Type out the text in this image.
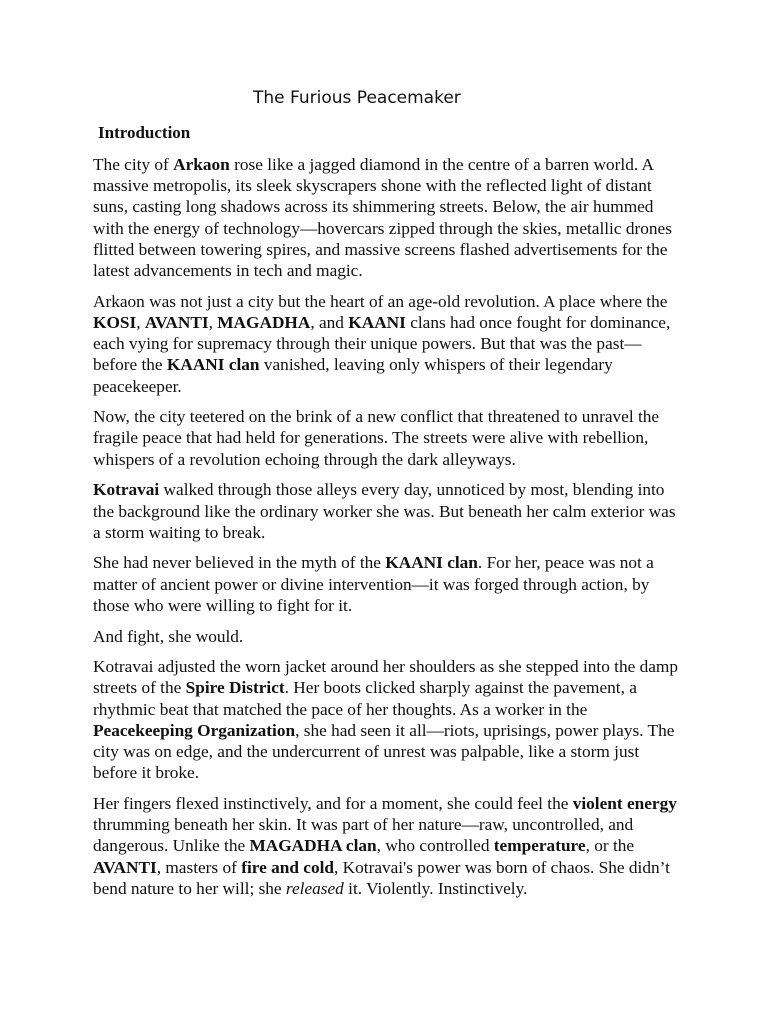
The Furious Peacemaker
Introduction

The city of Arkaon rose like a jagged diamond in the centre of a barren world. A massive metropolis, its sleek skyscrapers shone with the reflected light of distant suns, casting long shadows across its shimmering streets. Below, the air hummed with the energy of technology—hovercars zipped through the skies, metallic drones flitted between towering spires, and massive screens flashed advertisements for the latest advancements in tech and magic.

Arkaon was not just a city but the heart of an age-old revolution. A place where the KOSI, AVANTI, MAGADHA, and KAANI clans had once fought for dominance, each vying for supremacy through their unique powers. But that was the past—before the KAANI clan vanished, leaving only whispers of their legendary peacekeeper.

Now, the city teetered on the brink of a new conflict that threatened to unravel the fragile peace that had held for generations. The streets were alive with rebellion, whispers of a revolution echoing through the dark alleyways.

Kotravai walked through those alleys every day, unnoticed by most, blending into the background like the ordinary worker she was. But beneath her calm exterior was a storm waiting to break.

She had never believed in the myth of the KAANI clan. For her, peace was not a matter of ancient power or divine intervention—it was forged through action, by those who were willing to fight for it.

And fight, she would.

Kotravai adjusted the worn jacket around her shoulders as she stepped into the damp streets of the Spire District. Her boots clicked sharply against the pavement, a rhythmic beat that matched the pace of her thoughts. As a worker in the Peacekeeping Organization, she had seen it all—riots, uprisings, power plays. The city was on edge, and the undercurrent of unrest was palpable, like a storm just before it broke.

Her fingers flexed instinctively, and for a moment, she could feel the violent energy thrumming beneath her skin. It was part of her nature—raw, uncontrolled, and dangerous. Unlike the MAGADHA clan, who controlled temperature, or the AVANTI, masters of fire and cold, Kotravai's power was born of chaos. She didn’t bend nature to her will; she released it. Violently. Instinctively.
